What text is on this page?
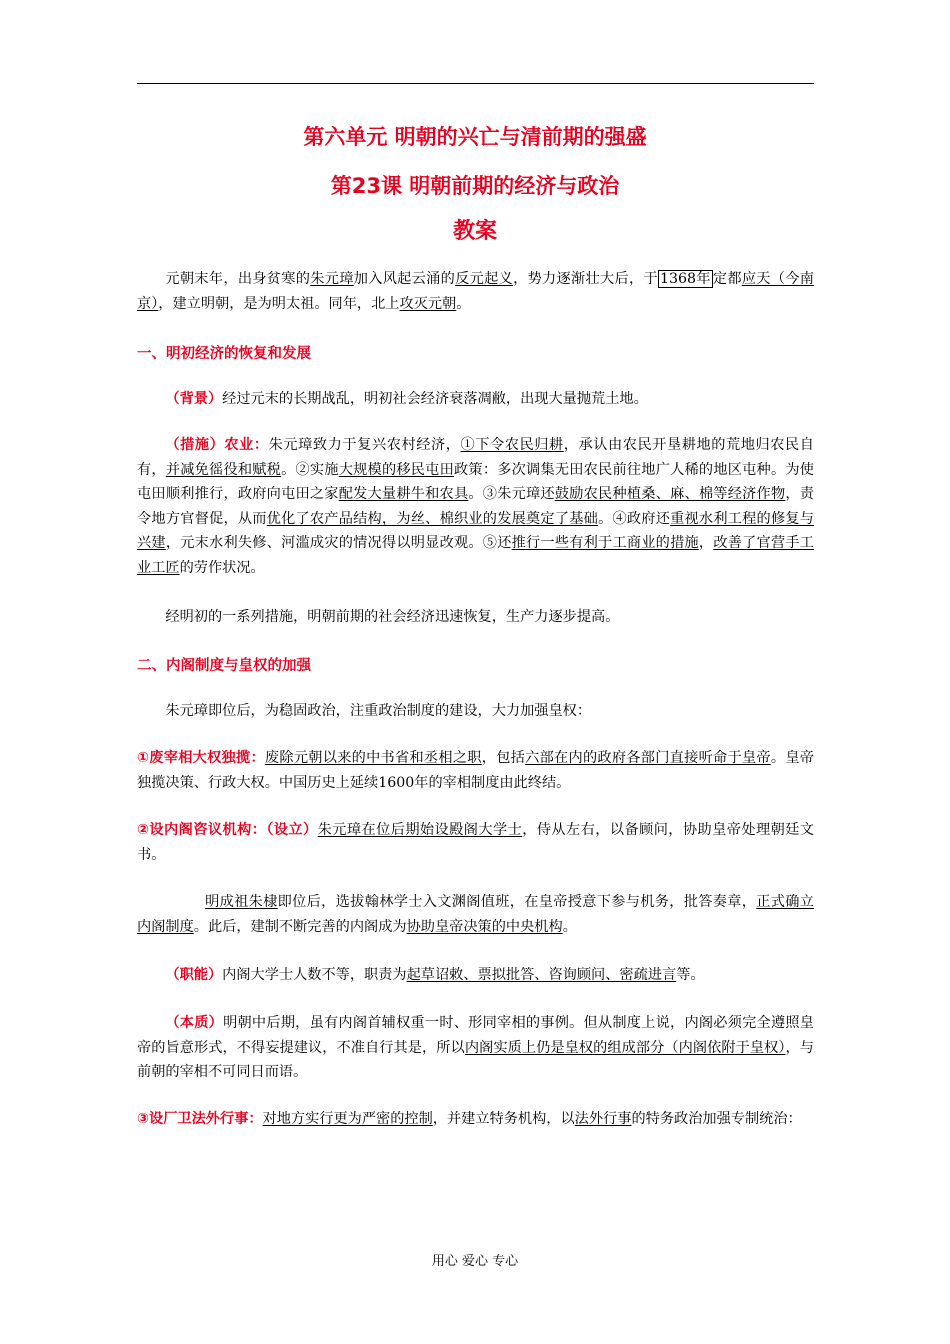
第六单元 明朝的兴亡与清前期的强盛
第23课 明朝前期的经济与政治
教案
元朝末年，出身贫寒的朱元璋加入风起云涌的反元起义，势力逐渐壮大后，于 1368年 定都应天（今南京），建立明朝，是为明太祖。同年，北上攻灭元朝。
一、明初经济的恢复和发展
（背景）经过元末的长期战乱，明初社会经济衰落凋敝，出现大量抛荒土地。
（措施）农业：朱元璋致力于复兴农村经济，①下令农民归耕，承认由农民开垦耕地的荒地归农民自有，并减免徭役和赋税。②实施大规模的移民屯田政策：多次调集无田农民前往地广人稀的地区屯种。为使屯田顺利推行，政府向屯田之家配发大量耕牛和农具。③朱元璋还鼓励农民种植桑、麻、棉等经济作物，责令地方官督促，从而优化了农产品结构，为丝、棉织业的发展奠定了基础。④政府还重视水利工程的修复与兴建，元末水利失修、河滥成灾的情况得以明显改观。⑤还推行一些有利于工商业的措施，改善了官营手工业工匠的劳作状况。
经明初的一系列措施，明朝前期的社会经济迅速恢复，生产力逐步提高。
二、内阁制度与皇权的加强
朱元璋即位后，为稳固政治，注重政治制度的建设，大力加强皇权：
①废宰相大权独揽：废除元朝以来的中书省和丞相之职，包括六部在内的政府各部门直接听命于皇帝。皇帝独揽决策、行政大权。中国历史上延续1600年的宰相制度由此终结。
②设内阁咨议机构：（设立）朱元璋在位后期始设殿阁大学士，侍从左右，以备顾问，协助皇帝处理朝廷文书。
明成祖朱棣即位后，选拔翰林学士入文渊阁值班，在皇帝授意下参与机务，批答奏章，正式确立内阁制度。此后，建制不断完善的内阁成为协助皇帝决策的中央机构。
（职能）内阁大学士人数不等，职责为起草诏敕、票拟批答、咨询顾问、密疏进言等。
（本质）明朝中后期，虽有内阁首辅权重一时、形同宰相的事例。但从制度上说，内阁必须完全遵照皇帝的旨意形式，不得妄提建议，不准自行其是，所以内阁实质上仍是皇权的组成部分（内阁依附于皇权），与前朝的宰相不可同日而语。
③设厂卫法外行事：对地方实行更为严密的控制，并建立特务机构，以法外行事的特务政治加强专制统治：
用心 爱心 专心
